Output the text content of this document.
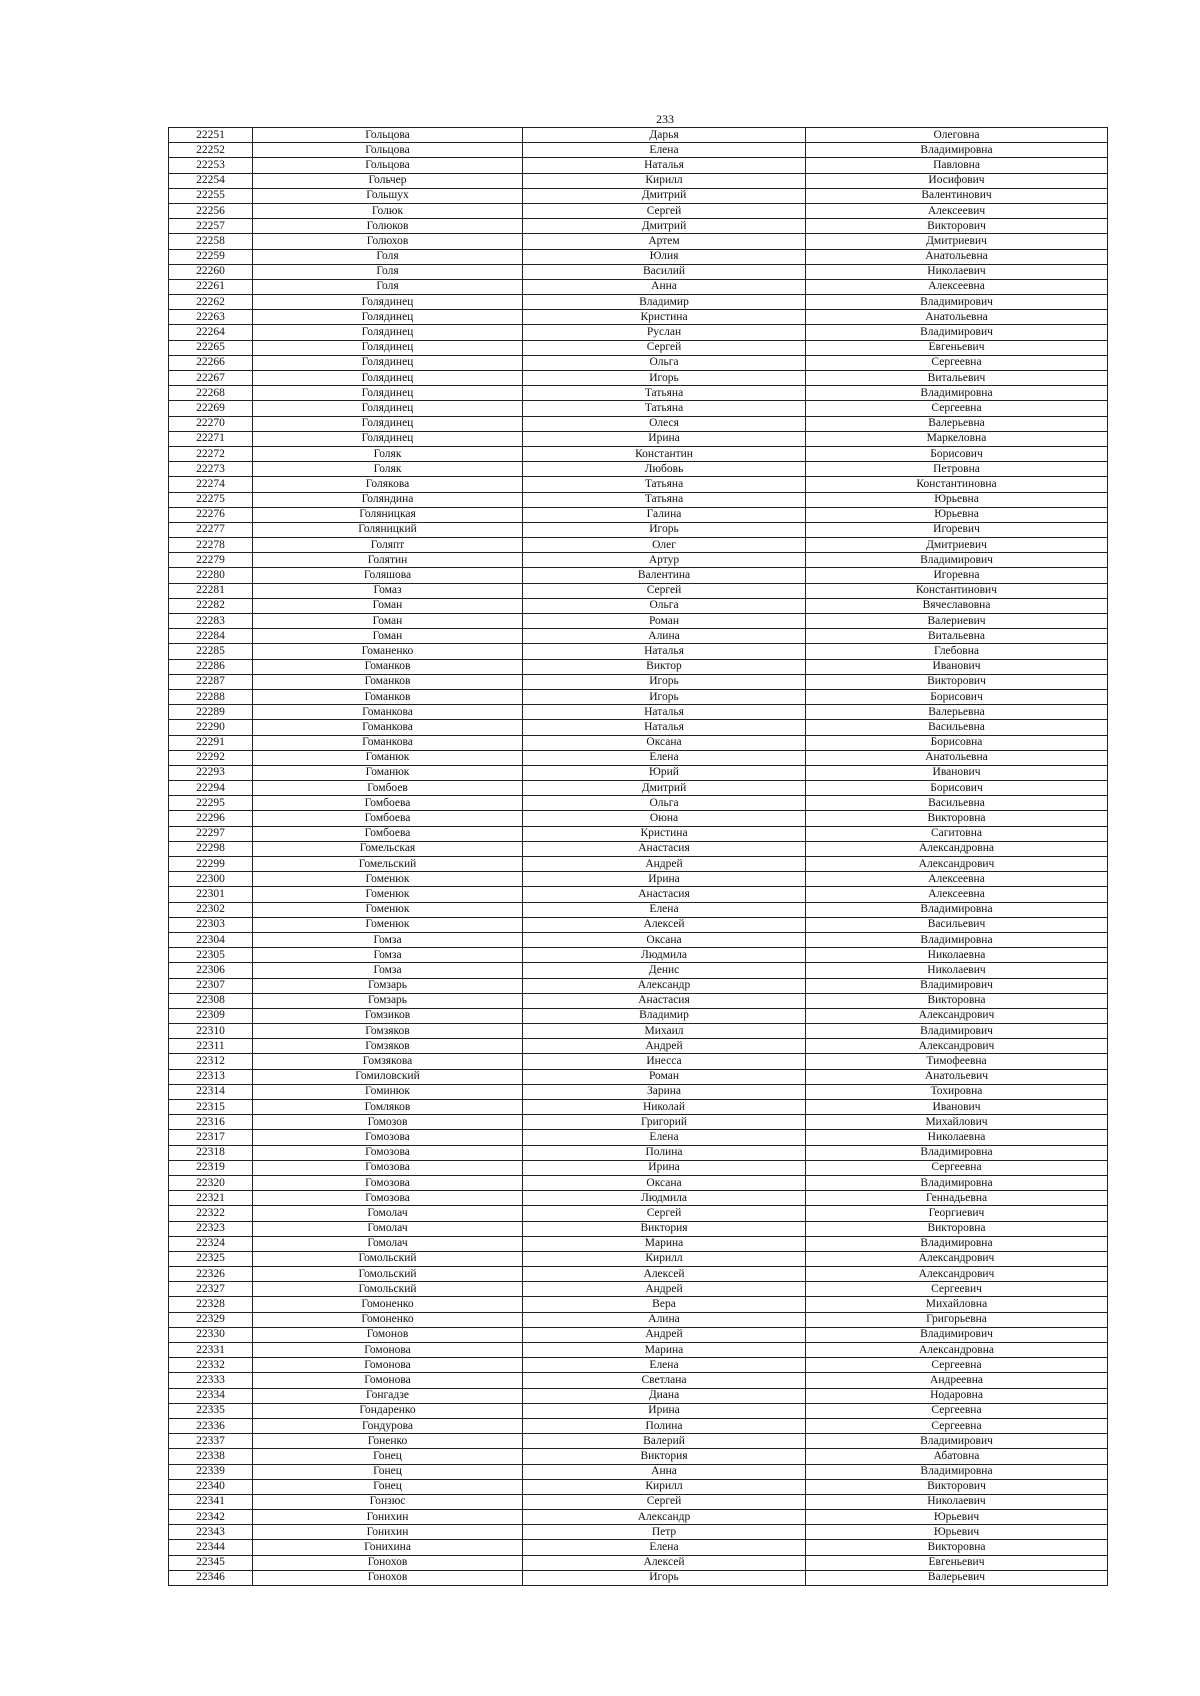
233
22251	Гольцова	Дарья	Олеговна
22252	Гольцова	Елена	Владимировна
22253	Гольцова	Наталья	Павловна
22254	Гольчер	Кирилл	Иосифович
22255	Гольшух	Дмитрий	Валентинович
22256	Голюк	Сергей	Алексеевич
22257	Голюков	Дмитрий	Викторович
22258	Голюхов	Артем	Дмитриевич
22259	Голя	Юлия	Анатольевна
22260	Голя	Василий	Николаевич
22261	Голя	Анна	Алексеевна
22262	Голядинец	Владимир	Владимирович
22263	Голядинец	Кристина	Анатольевна
22264	Голядинец	Руслан	Владимирович
22265	Голядинец	Сергей	Евгеньевич
22266	Голядинец	Ольга	Сергеевна
22267	Голядинец	Игорь	Витальевич
22268	Голядинец	Татьяна	Владимировна
22269	Голядинец	Татьяна	Сергеевна
22270	Голядинец	Олеся	Валерьевна
22271	Голядинец	Ирина	Маркеловна
22272	Голяк	Константин	Борисович
22273	Голяк	Любовь	Петровна
22274	Голякова	Татьяна	Константиновна
22275	Голяндина	Татьяна	Юрьевна
22276	Голяницкая	Галина	Юрьевна
22277	Голяницкий	Игорь	Игоревич
22278	Голяпт	Олег	Дмитриевич
22279	Голятин	Артур	Владимирович
22280	Голяшова	Валентина	Игоревна
22281	Гомаз	Сергей	Константинович
22282	Гоман	Ольга	Вячеславовна
22283	Гоман	Роман	Валериевич
22284	Гоман	Алина	Витальевна
22285	Гоманенко	Наталья	Глебовна
22286	Гоманков	Виктор	Иванович
22287	Гоманков	Игорь	Викторович
22288	Гоманков	Игорь	Борисович
22289	Гоманкова	Наталья	Валерьевна
22290	Гоманкова	Наталья	Васильевна
22291	Гоманкова	Оксана	Борисовна
22292	Гоманюк	Елена	Анатольевна
22293	Гоманюк	Юрий	Иванович
22294	Гомбоев	Дмитрий	Борисович
22295	Гомбоева	Ольга	Васильевна
22296	Гомбоева	Оюна	Викторовна
22297	Гомбоева	Кристина	Сагитовна
22298	Гомельская	Анастасия	Александровна
22299	Гомельский	Андрей	Александрович
22300	Гоменюк	Ирина	Алексеевна
22301	Гоменюк	Анастасия	Алексеевна
22302	Гоменюк	Елена	Владимировна
22303	Гоменюк	Алексей	Васильевич
22304	Гомза	Оксана	Владимировна
22305	Гомза	Людмила	Николаевна
22306	Гомза	Денис	Николаевич
22307	Гомзарь	Александр	Владимирович
22308	Гомзарь	Анастасия	Викторовна
22309	Гомзиков	Владимир	Александрович
22310	Гомзяков	Михаил	Владимирович
22311	Гомзяков	Андрей	Александрович
22312	Гомзякова	Инесса	Тимофеевна
22313	Гомиловский	Роман	Анатольевич
22314	Гоминюк	Зарина	Тохировна
22315	Гомляков	Николай	Иванович
22316	Гомозов	Григорий	Михайлович
22317	Гомозова	Елена	Николаевна
22318	Гомозова	Полина	Владимировна
22319	Гомозова	Ирина	Сергеевна
22320	Гомозова	Оксана	Владимировна
22321	Гомозова	Людмила	Геннадьевна
22322	Гомолач	Сергей	Георгиевич
22323	Гомолач	Виктория	Викторовна
22324	Гомолач	Марина	Владимировна
22325	Гомольский	Кирилл	Александрович
22326	Гомольский	Алексей	Александрович
22327	Гомольский	Андрей	Сергеевич
22328	Гомоненко	Вера	Михайловна
22329	Гомоненко	Алина	Григорьевна
22330	Гомонов	Андрей	Владимирович
22331	Гомонова	Марина	Александровна
22332	Гомонова	Елена	Сергеевна
22333	Гомонова	Светлана	Андреевна
22334	Гонгадзе	Диана	Нодаровна
22335	Гондаренко	Ирина	Сергеевна
22336	Гондурова	Полина	Сергеевна
22337	Гоненко	Валерий	Владимирович
22338	Гонец	Виктория	Абатовна
22339	Гонец	Анна	Владимировна
22340	Гонец	Кирилл	Викторович
22341	Гонзюс	Сергей	Николаевич
22342	Гонихин	Александр	Юрьевич
22343	Гонихин	Петр	Юрьевич
22344	Гонихина	Елена	Викторовна
22345	Гонохов	Алексей	Евгеньевич
22346	Гонохов	Игорь	Валерьевич
